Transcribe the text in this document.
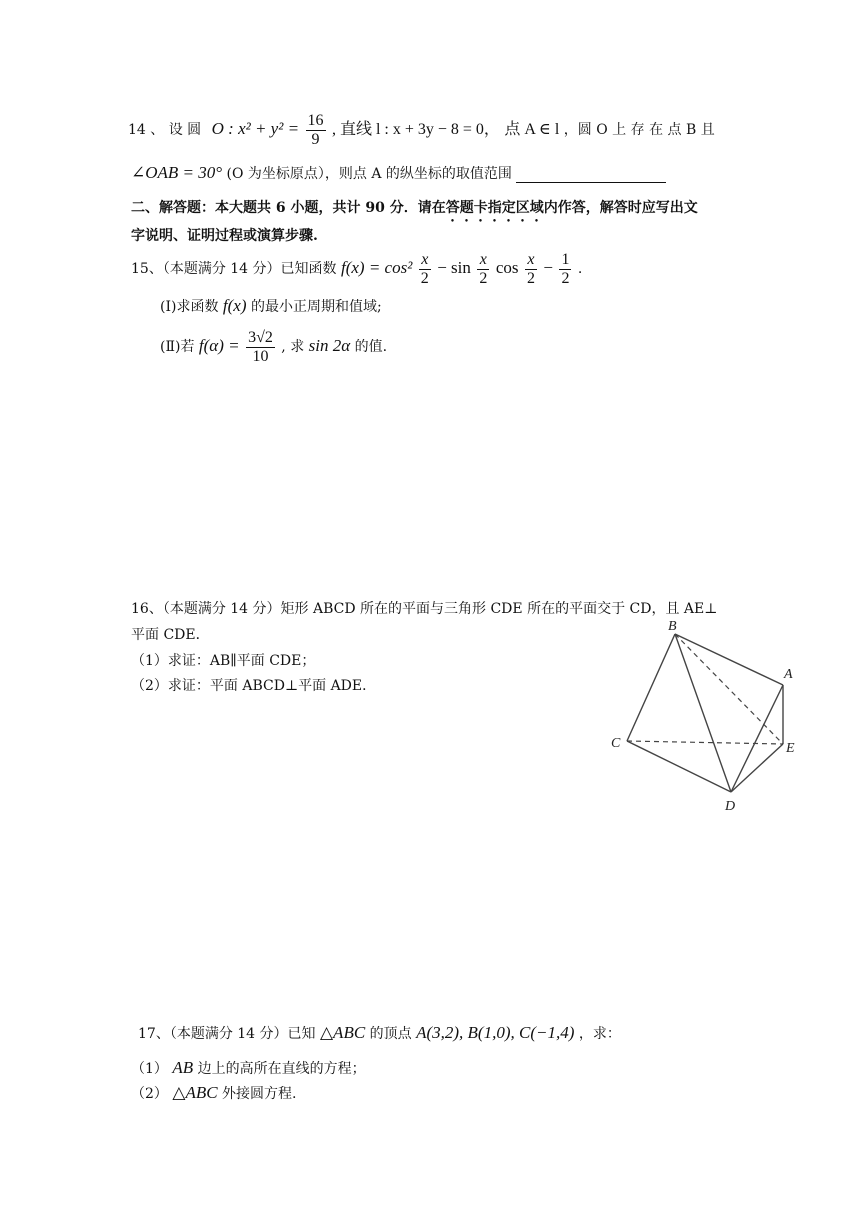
14 、 设 圆 O : $x^2 + y^2 = \frac{16}{9}$ , 直线 l : x + 3y − 8 = 0， 点 A ∈ l ，圆 O 上 存 在 点 B 且
∠OAB = 30° (O 为坐标原点），则点 A 的纵坐标的取值范围
二、解答题：本大题共 6 小题，共计 90 分．请在答题卡指定区域内作答，解答时应写出文
字说明、证明过程或演算步骤.
15、（本题满分 14 分）已知函数 $f(x) = \cos^2 \frac{x}{2} - \sin \frac{x}{2}$ $\cos \frac{x}{2} - \frac{1}{2}$ .
(Ⅰ)求函数 f(x) 的最小正周期和值域;
(Ⅱ)若 $f(\alpha) = \frac{3√2}{10}$ , 求 sin 2α 的值.
16、（本题满分 14 分）矩形 ABCD 所在的平面与三角形 CDE 所在的平面交于 CD，且 AE⊥
平面 CDE．
（1）求证：AB∥平面 CDE；
（2）求证：平面 ABCD⊥平面 ADE．
B
A
C	E
D
17、（本题满分 14 分）已知 △ABC 的顶点 A(3,2), B(1,0), C(−1,4) ，求：
（1） AB 边上的高所在直线的方程；
（2） △ABC 外接圆方程.
